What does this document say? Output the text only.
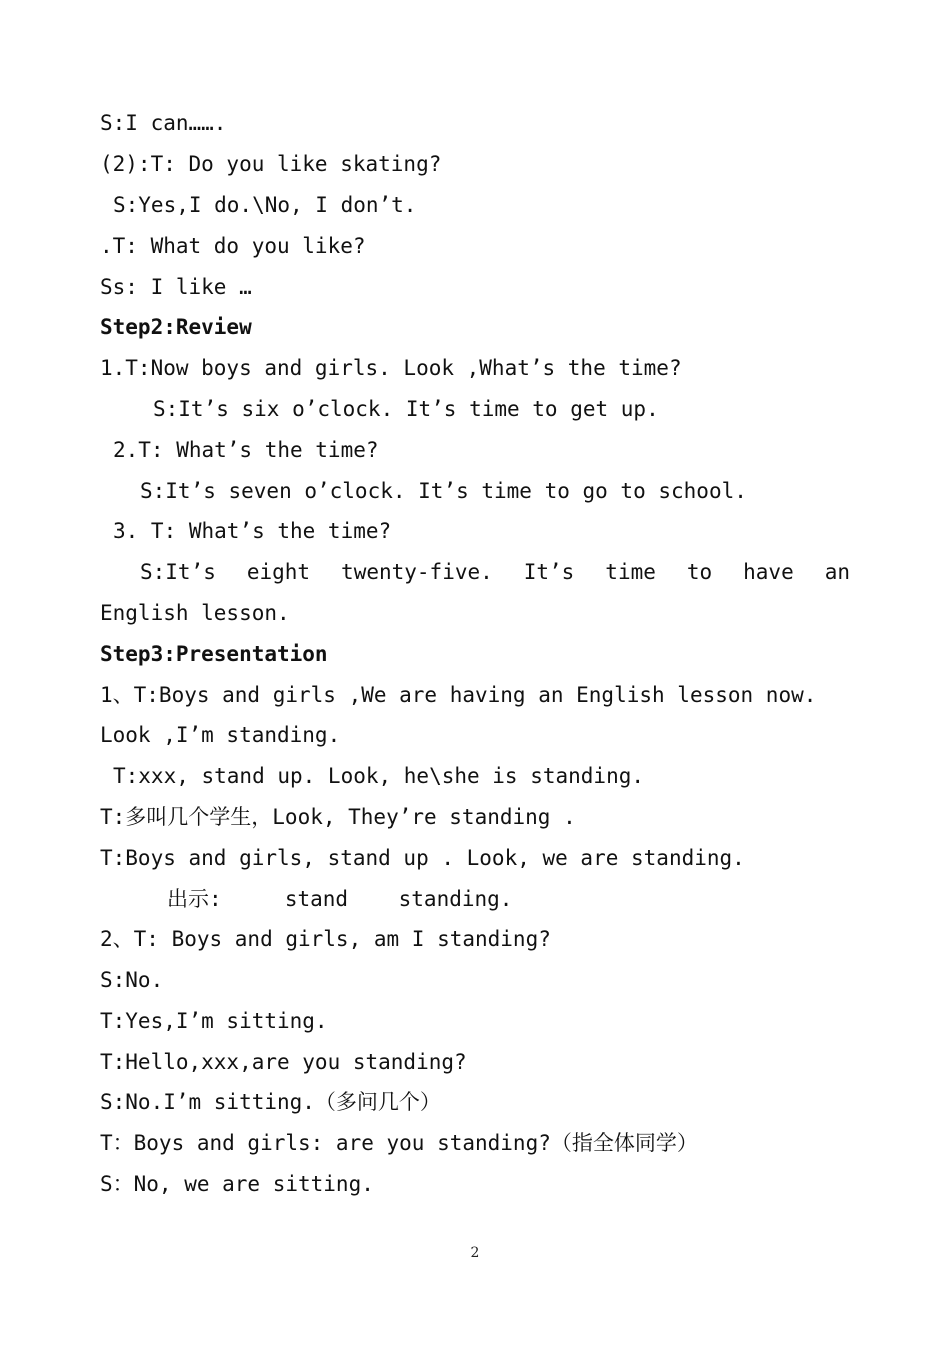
S:I can…….
(2):T: Do you like skating?
S:Yes,I do.\No, I don’t.
.T: What do you like?
Ss: I like …
Step2:Review
1.T:Now boys and girls. Look ,What’s the time?
S:It’s six o’clock. It’s time to get up.
2.T: What’s the time?
S:It’s seven o’clock. It’s time to go to school.
3. T: What’s the time?
S:It’s eight twenty-five. It’s time to have an
English lesson.
Step3:Presentation
1、T:Boys and girls ,We are having an English lesson now.
Look ,I’m standing.
T:xxx, stand up. Look, he\she is standing.
T:多叫几个学生，Look, They’re standing .
T:Boys and girls, stand up . Look, we are standing.
出示:     stand    standing.
2、T: Boys and girls, am I standing?
S:No.
T:Yes,I’m sitting.
T:Hello,xxx,are you standing?
S:No.I’m sitting.（多问几个）
T：Boys and girls: are you standing?（指全体同学）
S：No, we are sitting.
2
